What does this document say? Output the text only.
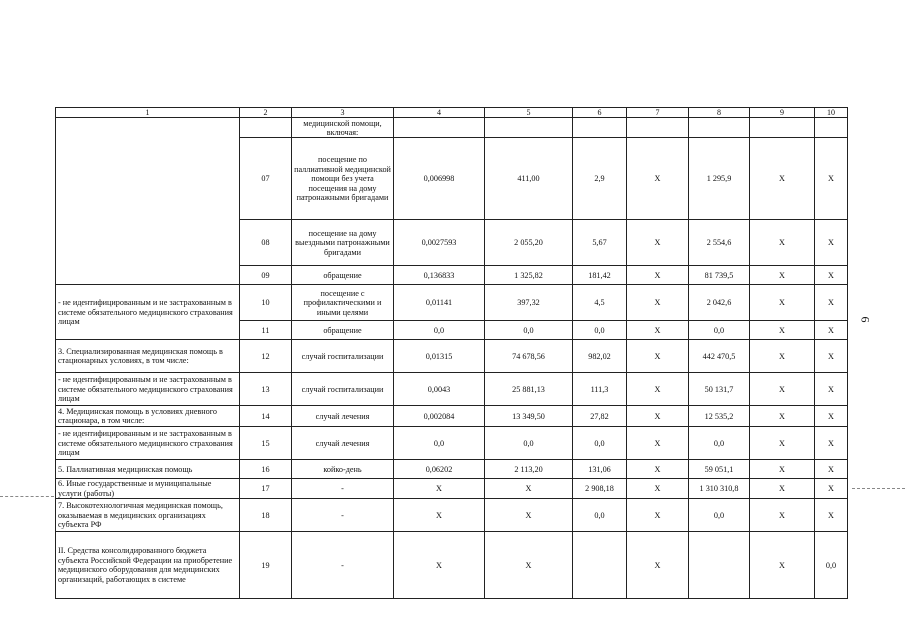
1	2	3	4	5	6	7	8	9	10
		медицинской помощи, включая:							
	07	посещение по паллиативной медицинской помощи без учета посещения на дому патронажными бригадами	0,006998	411,00	2,9	X	1 295,9	X	X
	08	посещение на дому выездными патронажными бригадами	0,0027593	2 055,20	5,67	X	2 554,6	X	X
	09	обращение	0,136833	1 325,82	181,42	X	81 739,5	X	X
- не идентифицированным и не застрахованным в системе обязательного медицинского страхования лицам	10	посещение с профилактическими и иными целями	0,01141	397,32	4,5	X	2 042,6	X	X
	11	обращение	0,0	0,0	0,0	X	0,0	X	X
3. Специализированная медицинская помощь в стационарных условиях, в том числе:	12	случай госпитализации	0,01315	74 678,56	982,02	X	442 470,5	X	X
- не идентифицированным и не застрахованным в системе обязательного медицинского страхования лицам	13	случай госпитализации	0,0043	25 881,13	111,3	X	50 131,7	X	X
4. Медицинская помощь в условиях дневного стационара, в том числе:	14	случай лечения	0,002084	13 349,50	27,82	X	12 535,2	X	X
- не идентифицированным и не застрахованным в системе обязательного медицинского страхования лицам	15	случай лечения	0,0	0,0	0,0	X	0,0	X	X
5. Паллиативная медицинская помощь	16	койко-день	0,06202	2 113,20	131,06	X	59 051,1	X	X
6. Иные государственные и муниципальные услуги (работы)	17	-	X	X	2 908,18	X	1 310 310,8	X	X
7. Высокотехнологичная медицинская помощь, оказываемая в медицинских организациях субъекта РФ	18	-	X	X	0,0	X	0,0	X	X
II. Средства консолидированного бюджета субъекта Российской Федерации на приобретение медицинского оборудования для медицинских организаций, работающих в системе	19	-	X	X		X		X	0,0
6
